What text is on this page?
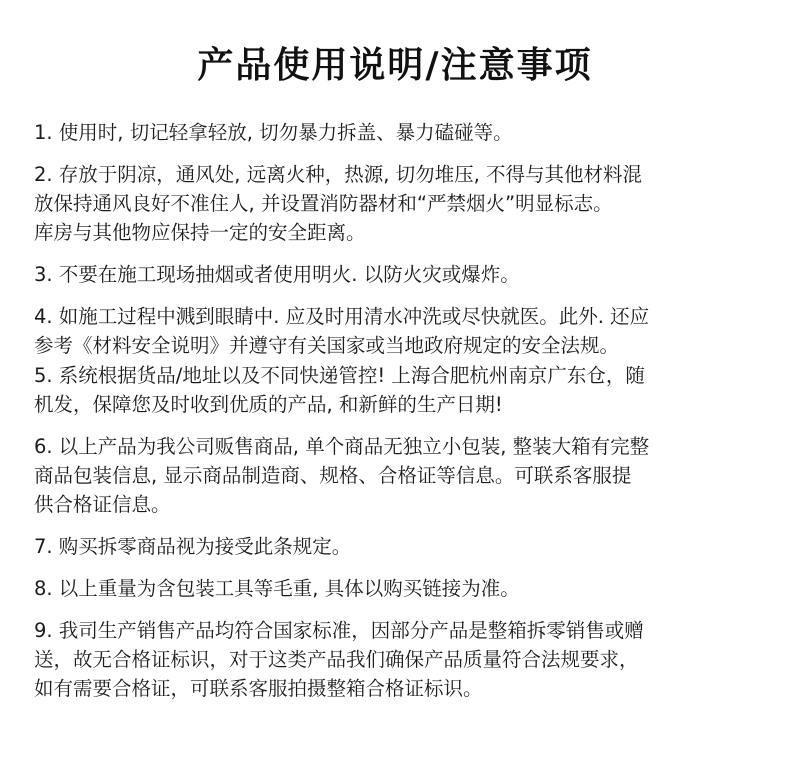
产品使用说明/注意事项
1. 使用时, 切记轻拿轻放, 切勿暴力拆盖、暴力磕碰等。
2. 存放于阴凉，通风处, 远离火种，热源, 切勿堆压, 不得与其他材料混
放保持通风良好不准住人, 并设置消防器材和“严禁烟火”明显标志。
库房与其他物应保持一定的安全距离。
3. 不要在施工现场抽烟或者使用明火. 以防火灾或爆炸。
4. 如施工过程中溅到眼睛中. 应及时用清水冲洗或尽快就医。此外. 还应
参考《材料安全说明》并遵守有关国家或当地政府规定的安全法规。
5. 系统根据货品/地址以及不同快递管控! 上海合肥杭州南京广东仓，随
机发，保障您及时收到优质的产品, 和新鲜的生产日期!
6. 以上产品为我公司贩售商品, 单个商品无独立小包装, 整装大箱有完整
商品包装信息, 显示商品制造商、规格、合格证等信息。可联系客服提
供合格证信息。
7. 购买拆零商品视为接受此条规定。
8. 以上重量为含包装工具等毛重, 具体以购买链接为准。
9. 我司生产销售产品均符合国家标准，因部分产品是整箱拆零销售或赠
送，故无合格证标识，对于这类产品我们确保产品质量符合法规要求，
如有需要合格证，可联系客服拍摄整箱合格证标识。
